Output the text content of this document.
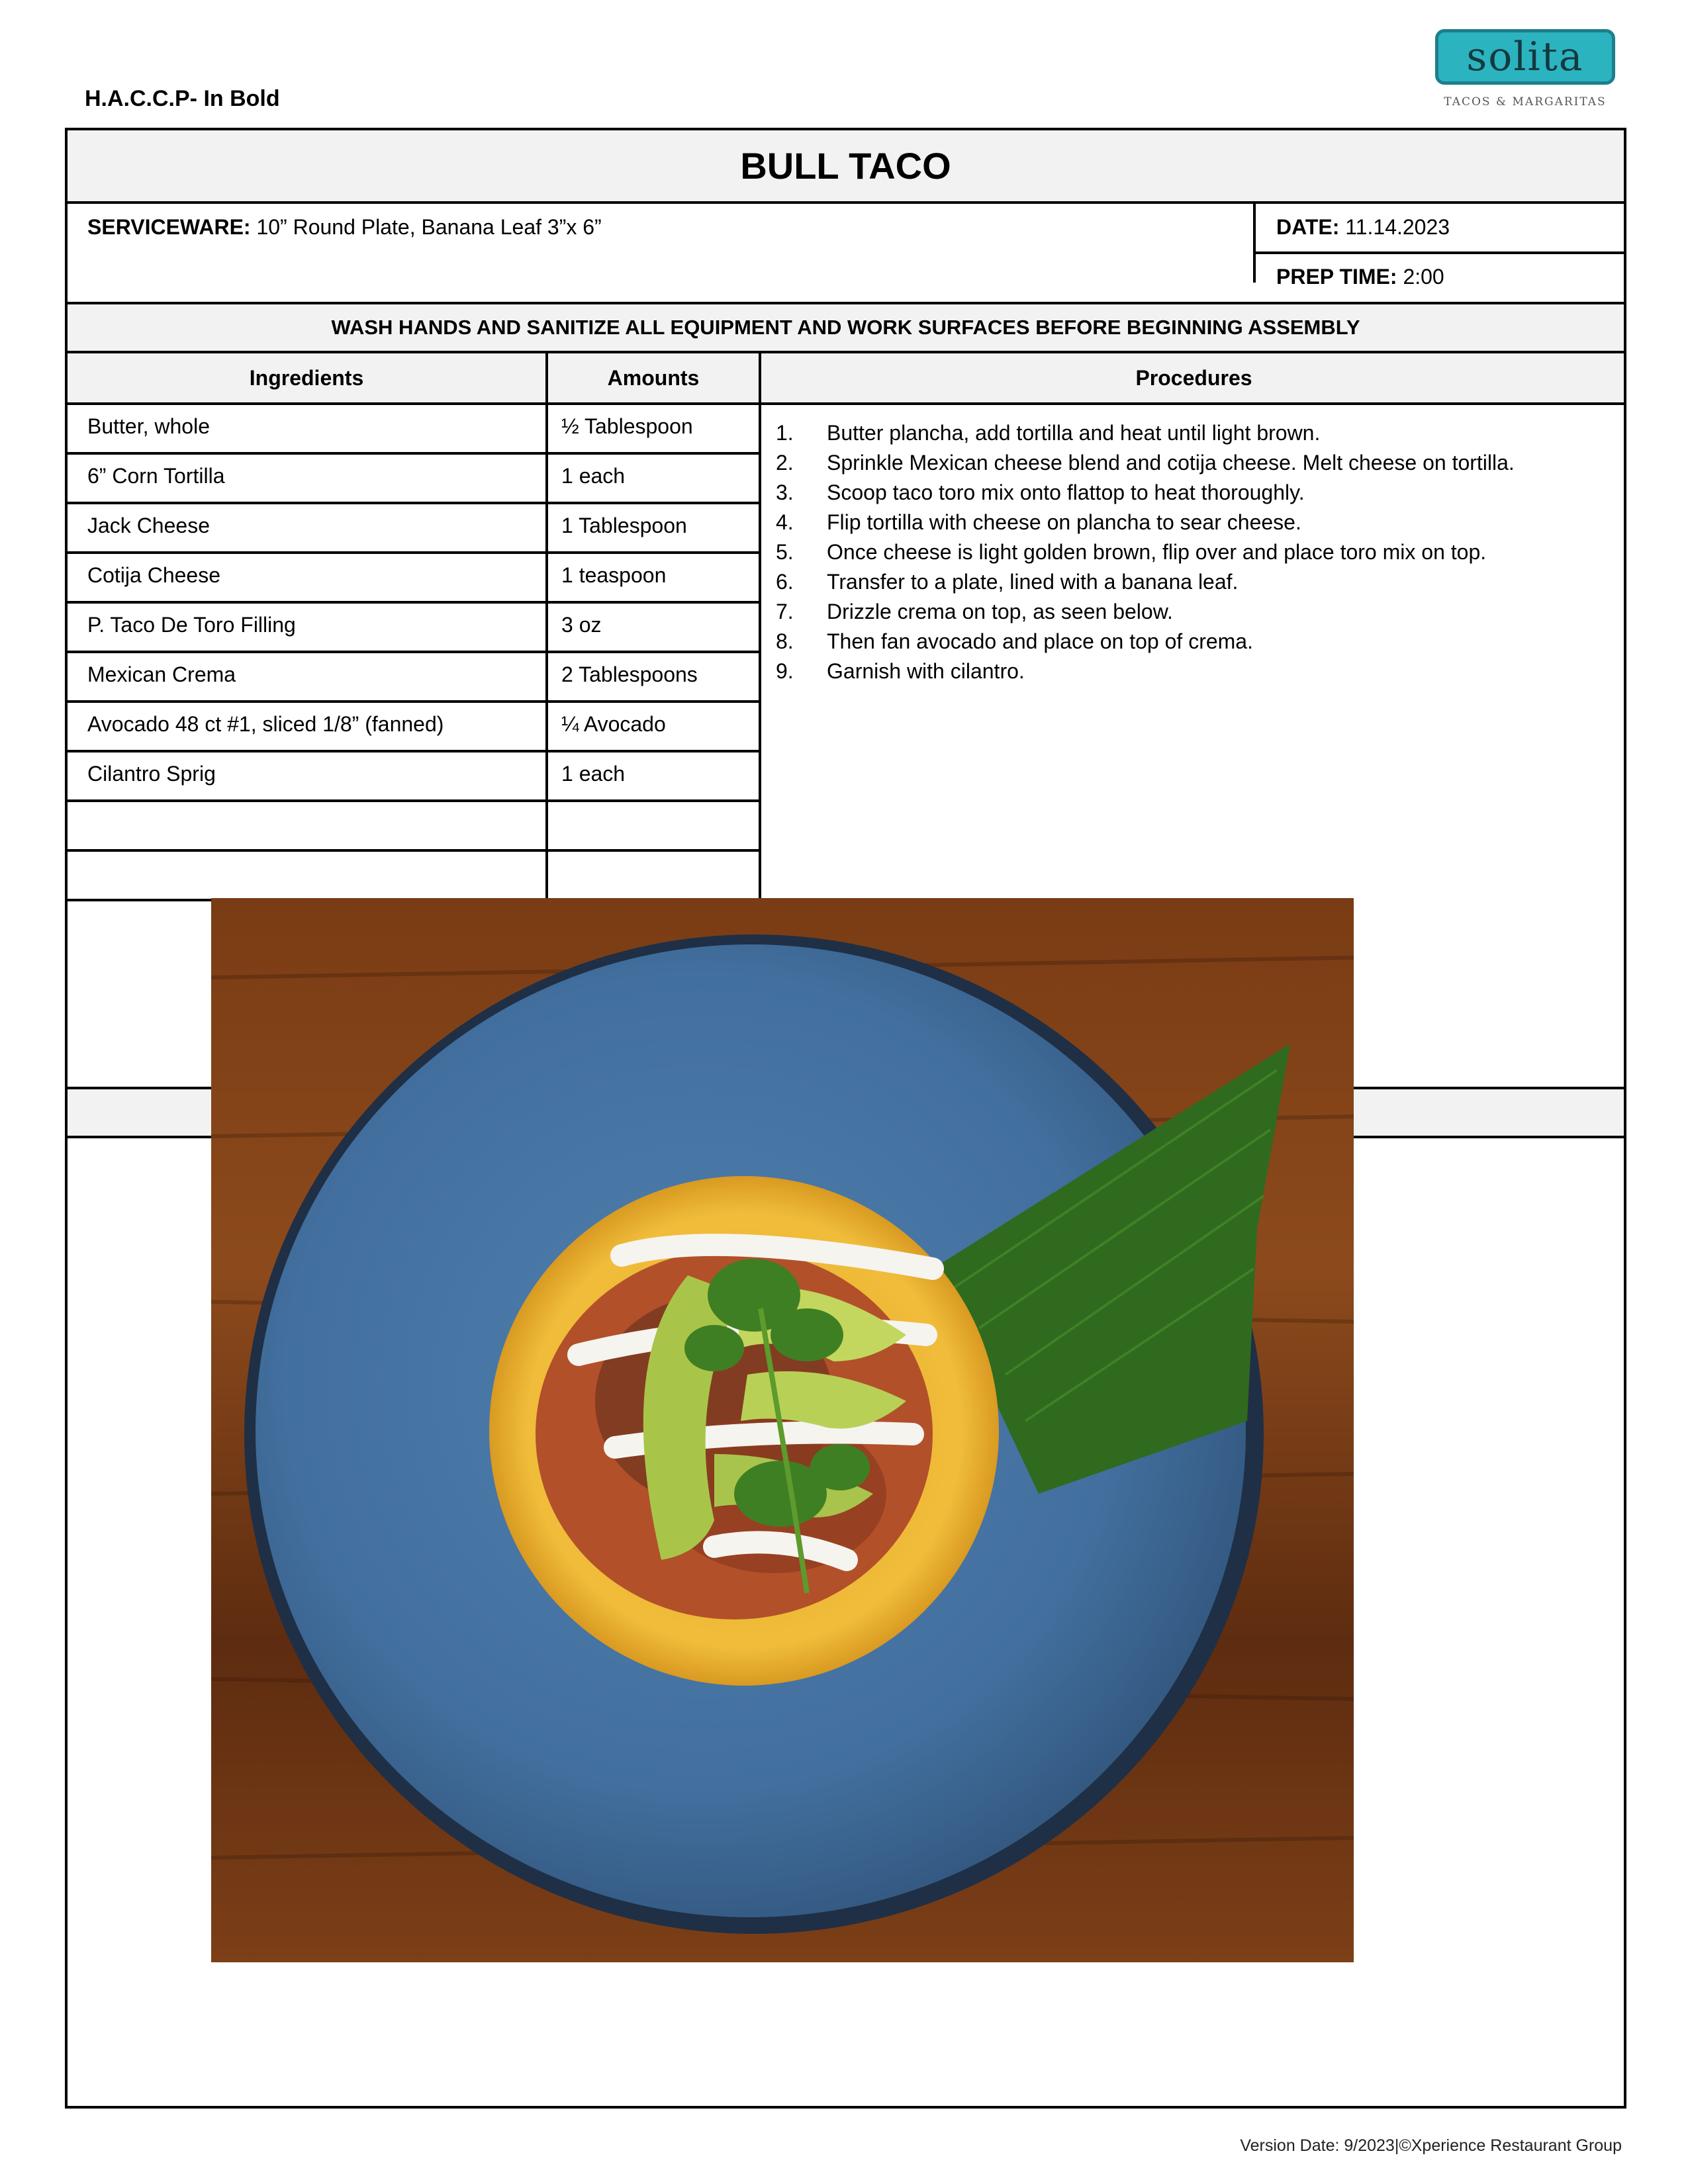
H.A.C.C.P- In Bold
solita
TACOS & MARGARITAS
BULL TACO
SERVICEWARE: 10” Round Plate, Banana Leaf 3”x 6”	DATE: 11.14.2023
PREP TIME: 2:00
WASH HANDS AND SANITIZE ALL EQUIPMENT AND WORK SURFACES BEFORE BEGINNING ASSEMBLY
Ingredients	Amounts	Procedures
Butter, whole	½ Tablespoon
6” Corn Tortilla	1 each
Jack Cheese	1 Tablespoon
Cotija Cheese	1 teaspoon
P. Taco De Toro Filling	3 oz
Mexican Crema	2 Tablespoons
Avocado 48 ct #1, sliced 1/8” (fanned)	¼ Avocado
Cilantro Sprig	1 each
1. Butter plancha, add tortilla and heat until light brown.
2. Sprinkle Mexican cheese blend and cotija cheese. Melt cheese on tortilla.
3. Scoop taco toro mix onto flattop to heat thoroughly.
4. Flip tortilla with cheese on plancha to sear cheese.
5. Once cheese is light golden brown, flip over and place toro mix on top.
6. Transfer to a plate, lined with a banana leaf.
7. Drizzle crema on top, as seen below.
8. Then fan avocado and place on top of crema.
9. Garnish with cilantro.
Version Date: 9/2023|©Xperience Restaurant Group
